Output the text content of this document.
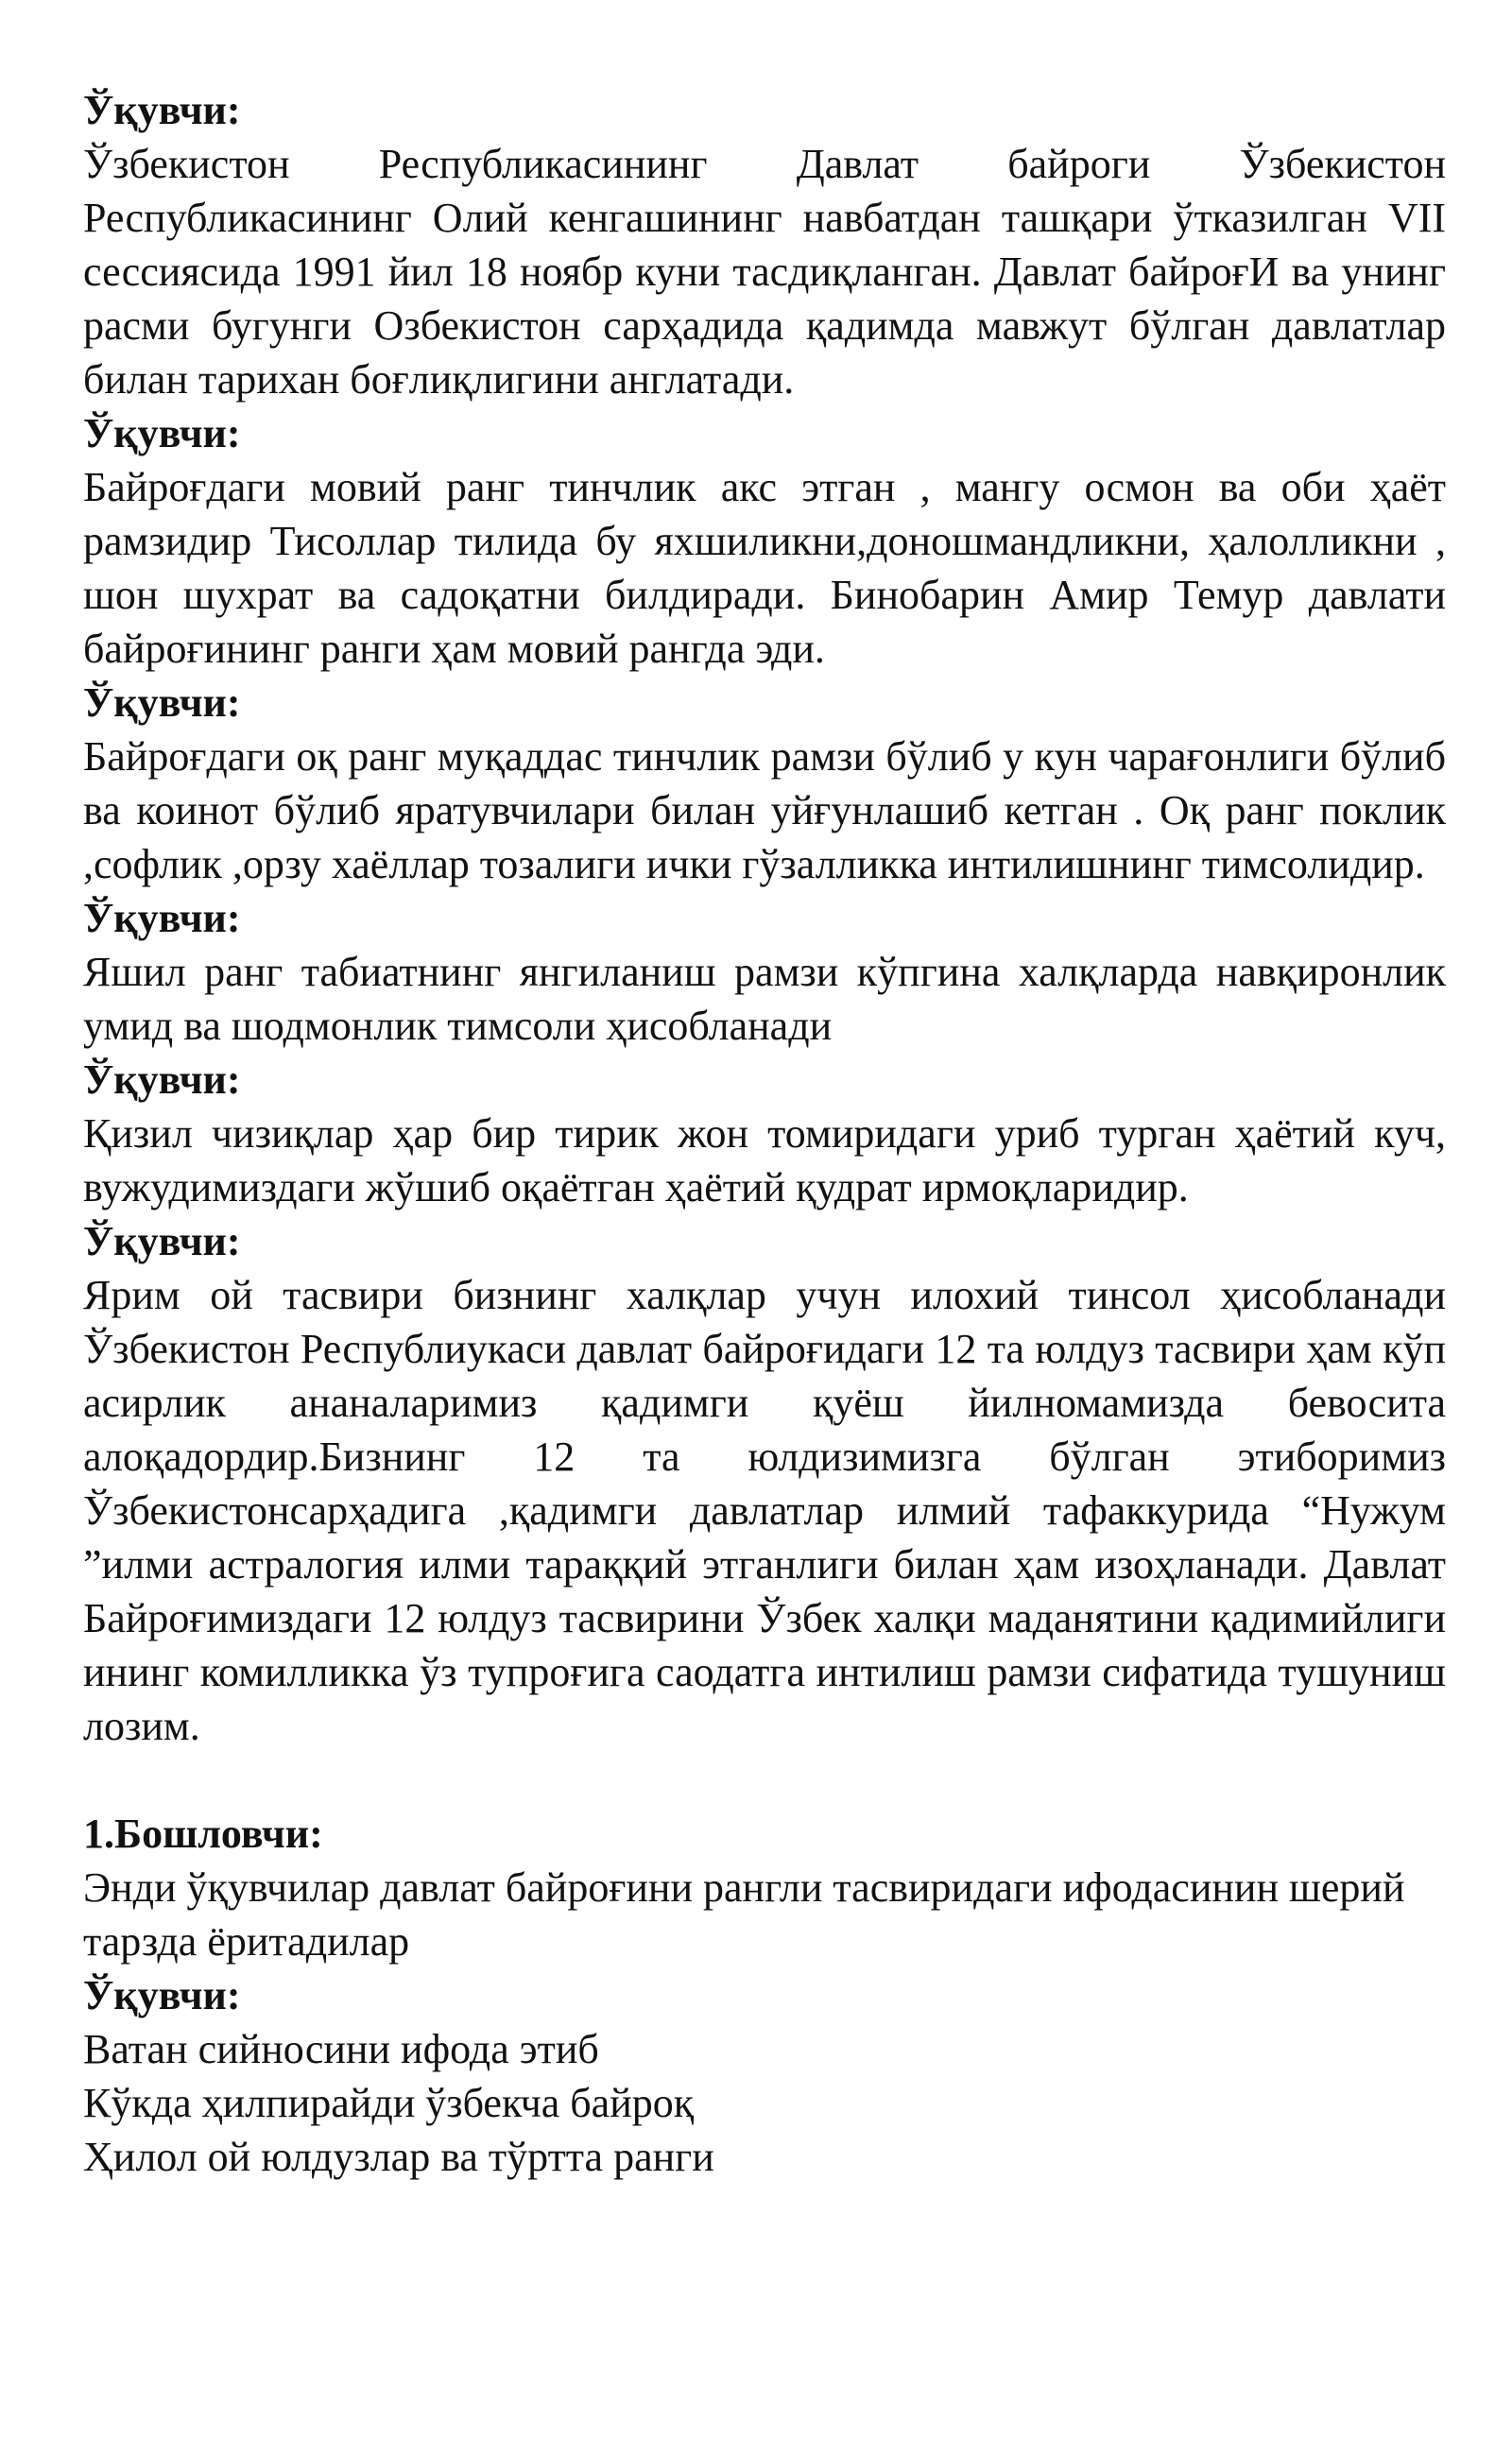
Ўқувчи:

Ўзбекистон Республикасининг Давлат байроги Ўзбекистон Республикасининг Олий кенгашининг навбатдан ташқари ўтказилган VII сессиясида 1991 йил 18 ноябр куни тасдиқланган. Давлат байроғИ ва унинг расми бугунги Озбекистон сарҳадида қадимда мавжут бўлган давлатлар билан тарихан боғлиқлигини англатади.

Ўқувчи:

Байроғдаги мовий ранг тинчлик акс этган , мангу осмон ва оби ҳаёт рамзидир Тисоллар тилида бу яхшиликни,доношмандликни, ҳалолликни , шон шухрат ва садоқатни билдиради. Бинобарин Амир Темур давлати байроғининг ранги ҳам мовий рангда эди.

Ўқувчи:

Байроғдаги оқ ранг муқаддас тинчлик рамзи бўлиб у кун чарағонлиги бўлиб ва коинот бўлиб яратувчилари билан уйғунлашиб кетган . Оқ ранг поклик ,софлик ,орзу хаёллар тозалиги ички гўзалликка интилишнинг тимсолидир.

Ўқувчи:

Яшил ранг табиатнинг янгиланиш рамзи кўпгина халқларда навқиронлик умид ва шодмонлик тимсоли ҳисобланади

Ўқувчи:

Қизил чизиқлар ҳар бир тирик жон томиридаги уриб турган ҳаётий куч, вужудимиздаги жўшиб оқаётган ҳаётий қудрат ирмоқларидир.

Ўқувчи:

Ярим ой тасвири бизнинг халқлар учун илохий тинсол ҳисобланади Ўзбекистон Республиукаси давлат байроғидаги 12 та юлдуз тасвири ҳам кўп асирлик ананаларимиз қадимги қуёш йилномамизда бевосита алоқадордир.Бизнинг 12 та юлдизимизга бўлган этиборимиз Ўзбекистонсарҳадига ,қадимги давлатлар илмий тафаккурида “Нужум ”илми астралогия илми тараққий этганлиги билан ҳам изоҳланади. Давлат Байроғимиздаги 12 юлдуз тасвирини Ўзбек халқи маданятини қадимийлиги ининг комилликка ўз тупроғига саодатга интилиш рамзи сифатида тушуниш лозим.

1.Бошловчи:

Энди ўқувчилар давлат байроғини рангли тасвиридаги ифодасинин шерий тарзда ёритадилар

Ўқувчи:

Ватан сийносини ифода этиб

Кўкда ҳилпирайди ўзбекча байроқ

Ҳилол ой юлдузлар ва тўртта ранги
